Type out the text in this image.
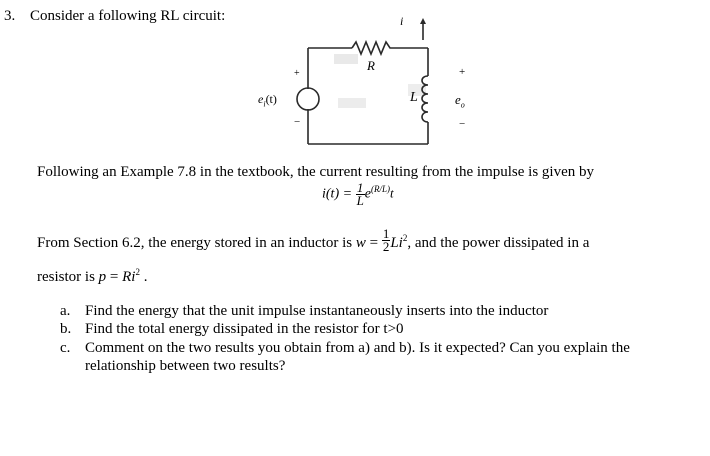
3. Consider a following RL circuit:	i
R
L
+
−
+
−
$e_i(t)$	$e_o$
Following an Example 7.8 in the textbook, the current resulting from the impulse is given by
$i(t) = \frac{1}{L} e^{(R/L)}t$
From Section 6.2, the energy stored in an inductor is $w = \frac{1}{2} Li^2$, and the power dissipated in a
resistor is $p = Ri^2$ .
a. Find the energy that the unit impulse instantaneously inserts into the inductor
b. Find the total energy dissipated in the resistor for t>0
c. Comment on the two results you obtain from a) and b). Is it expected? Can you explain the
relationship between two results?
